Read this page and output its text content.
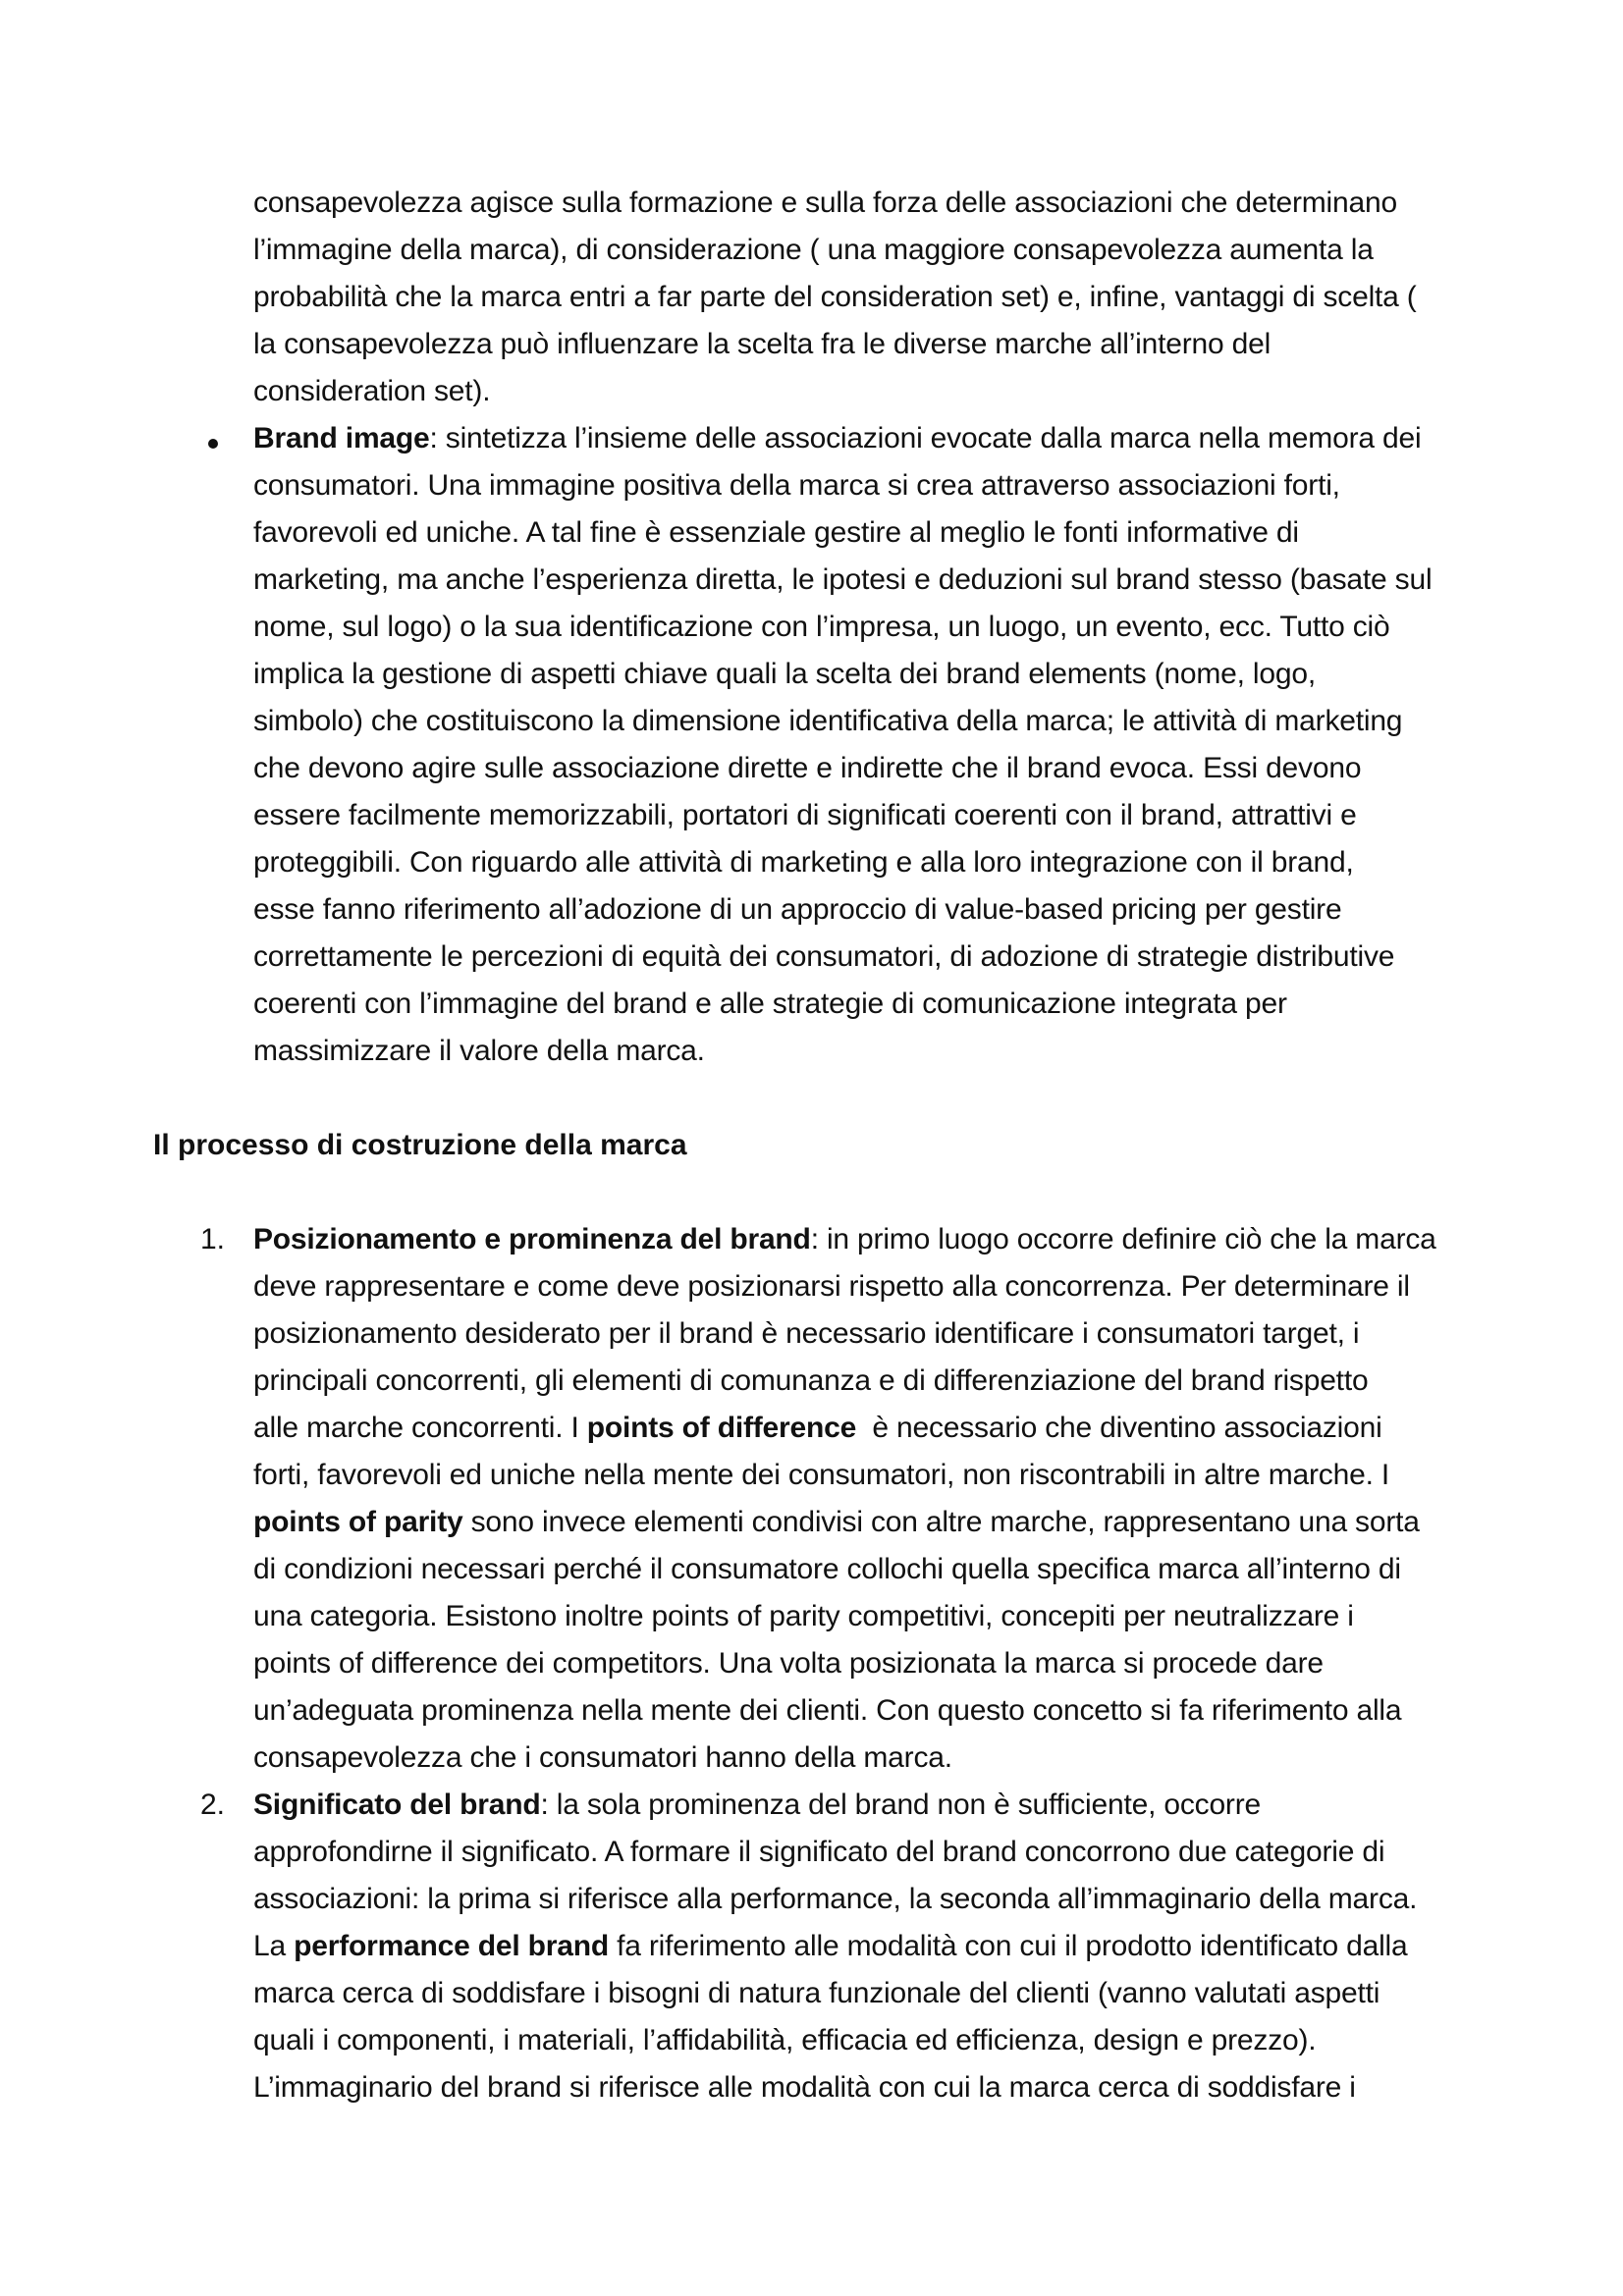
consapevolezza agisce sulla formazione e sulla forza delle associazioni che determinano
l’immagine della marca), di considerazione ( una maggiore consapevolezza aumenta la
probabilità che la marca entri a far parte del consideration set) e, infine, vantaggi di scelta (
la consapevolezza può influenzare la scelta fra le diverse marche all’interno del
consideration set).
Brand image: sintetizza l’insieme delle associazioni evocate dalla marca nella memora dei
consumatori. Una immagine positiva della marca si crea attraverso associazioni forti,
favorevoli ed uniche. A tal fine è essenziale gestire al meglio le fonti informative di
marketing, ma anche l’esperienza diretta, le ipotesi e deduzioni sul brand stesso (basate sul
nome, sul logo) o la sua identificazione con l’impresa, un luogo, un evento, ecc. Tutto ciò
implica la gestione di aspetti chiave quali la scelta dei brand elements (nome, logo,
simbolo) che costituiscono la dimensione identificativa della marca; le attività di marketing
che devono agire sulle associazione dirette e indirette che il brand evoca. Essi devono
essere facilmente memorizzabili, portatori di significati coerenti con il brand, attrattivi e
proteggibili. Con riguardo alle attività di marketing e alla loro integrazione con il brand,
esse fanno riferimento all’adozione di un approccio di value-based pricing per gestire
correttamente le percezioni di equità dei consumatori, di adozione di strategie distributive
coerenti con l’immagine del brand e alle strategie di comunicazione integrata per
massimizzare il valore della marca.
Il processo di costruzione della marca
1. Posizionamento e prominenza del brand: in primo luogo occorre definire ciò che la marca
deve rappresentare e come deve posizionarsi rispetto alla concorrenza. Per determinare il
posizionamento desiderato per il brand è necessario identificare i consumatori target, i
principali concorrenti, gli elementi di comunanza e di differenziazione del brand rispetto
alle marche concorrenti. I points of difference  è necessario che diventino associazioni
forti, favorevoli ed uniche nella mente dei consumatori, non riscontrabili in altre marche. I
points of parity sono invece elementi condivisi con altre marche, rappresentano una sorta
di condizioni necessari perché il consumatore collochi quella specifica marca all’interno di
una categoria. Esistono inoltre points of parity competitivi, concepiti per neutralizzare i
points of difference dei competitors. Una volta posizionata la marca si procede dare
un’adeguata prominenza nella mente dei clienti. Con questo concetto si fa riferimento alla
consapevolezza che i consumatori hanno della marca.
2. Significato del brand: la sola prominenza del brand non è sufficiente, occorre
approfondirne il significato. A formare il significato del brand concorrono due categorie di
associazioni: la prima si riferisce alla performance, la seconda all’immaginario della marca.
La performance del brand fa riferimento alle modalità con cui il prodotto identificato dalla
marca cerca di soddisfare i bisogni di natura funzionale del clienti (vanno valutati aspetti
quali i componenti, i materiali, l’affidabilità, efficacia ed efficienza, design e prezzo).
L’immaginario del brand si riferisce alle modalità con cui la marca cerca di soddisfare i
